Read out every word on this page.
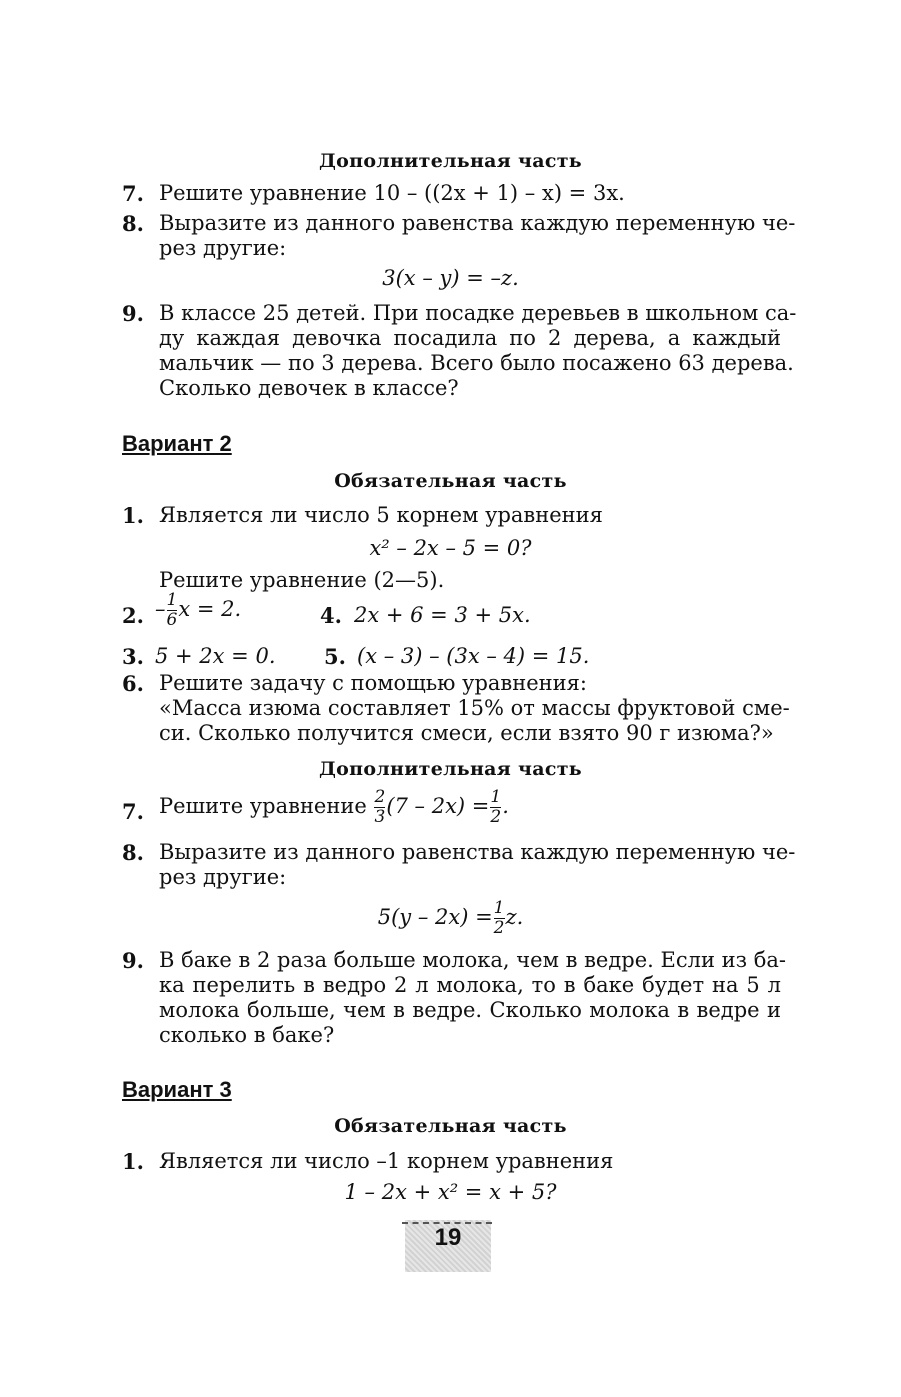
Дополнительная часть
7. Решите уравнение 10 – ((2x + 1) – x) = 3x.
8. Выразите из данного равенства каждую переменную че-
рез другие:
3(x – y) = –z.
9. В классе 25 детей. При посадке деревьев в школьном са-
ду каждая девочка посадила по 2 дерева, а каждый
мальчик — по 3 дерева. Всего было посажено 63 дерева.
Сколько девочек в классе?
Вариант 2
Обязательная часть
1. Является ли число 5 корнем уравнения
x² – 2x – 5 = 0?
Решите уравнение (2—5).
2. – $\frac{1}{6}$ x = 2.	4. 2x + 6 = 3 + 5x.
3. 5 + 2x = 0. 5. (x – 3) – (3x – 4) = 15.
6. Решите задачу с помощью уравнения:
«Масса изюма составляет 15% от массы фруктовой сме-
си. Сколько получится смеси, если взято 90 г изюма?»
Дополнительная часть
7. Решите уравнение $\frac{2}{3} (7 - 2x) = \frac{1}{2}$ .
8. Выразите из данного равенства каждую переменную че-
рез другие:
$5(y - 2x) = \frac{1}{2} z$.
9. В баке в 2 раза больше молока, чем в ведре. Если из ба-
ка перелить в ведро 2 л молока, то в баке будет на 5 л
молока больше, чем в ведре. Сколько молока в ведре и
сколько в баке?
Вариант 3
Обязательная часть
1. Является ли число –1 корнем уравнения
1 – 2x + x² = x + 5?
19
